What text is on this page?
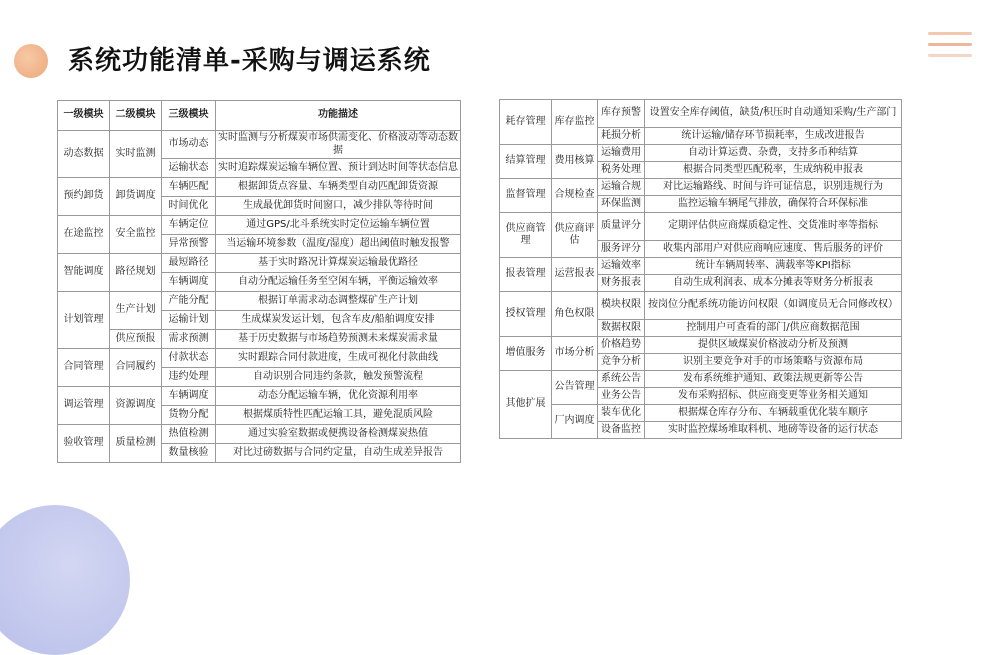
系统功能清单-采购与调运系统
一级模块	二级模块	三级模块	功能描述
动态数据	实时监测	市场动态	实时监测与分析煤炭市场供需变化、价格波动等动态数据
		运输状态	实时追踪煤炭运输车辆位置、预计到达时间等状态信息
预约卸货	卸货调度	车辆匹配	根据卸货点容量、车辆类型自动匹配卸货资源
		时间优化	生成最优卸货时间窗口，减少排队等待时间
在途监控	安全监控	车辆定位	通过GPS/北斗系统实时定位运输车辆位置
		异常预警	当运输环境参数（温度/湿度）超出阈值时触发报警
智能调度	路径规划	最短路径	基于实时路况计算煤炭运输最优路径
		车辆调度	自动分配运输任务至空闲车辆，平衡运输效率
计划管理	生产计划	产能分配	根据订单需求动态调整煤矿生产计划
		运输计划	生成煤炭发运计划，包含车皮/船舶调度安排
	供应预报	需求预测	基于历史数据与市场趋势预测未来煤炭需求量
合同管理	合同履约	付款状态	实时跟踪合同付款进度，生成可视化付款曲线
		违约处理	自动识别合同违约条款，触发预警流程
调运管理	资源调度	车辆调度	动态分配运输车辆，优化资源利用率
		货物分配	根据煤质特性匹配运输工具，避免混质风险
验收管理	质量检测	热值检测	通过实验室数据或便携设备检测煤炭热值
		数量核验	对比过磅数据与合同约定量，自动生成差异报告
耗存管理	库存监控	库存预警	设置安全库存阈值，缺货/积压时自动通知采购/生产部门
		耗损分析	统计运输/储存环节损耗率，生成改进报告
结算管理	费用核算	运输费用	自动计算运费、杂费，支持多币种结算
		税务处理	根据合同类型匹配税率，生成纳税申报表
监督管理	合规检查	运输合规	对比运输路线、时间与许可证信息，识别违规行为
		环保监测	监控运输车辆尾气排放，确保符合环保标准
供应商管理	供应商评估	质量评分	定期评估供应商煤质稳定性、交货准时率等指标
		服务评分	收集内部用户对供应商响应速度、售后服务的评价
报表管理	运营报表	运输效率	统计车辆周转率、满载率等KPI指标
		财务报表	自动生成利润表、成本分摊表等财务分析报表
授权管理	角色权限	模块权限	按岗位分配系统功能访问权限（如调度员无合同修改权）
		数据权限	控制用户可查看的部门/供应商数据范围
增值服务	市场分析	价格趋势	提供区域煤炭价格波动分析及预测
		竞争分析	识别主要竞争对手的市场策略与资源布局
其他扩展	公告管理	系统公告	发布系统维护通知、政策法规更新等公告
		业务公告	发布采购招标、供应商变更等业务相关通知
	厂内调度	装车优化	根据煤仓库存分布、车辆载重优化装车顺序
		设备监控	实时监控煤场堆取料机、地磅等设备的运行状态
